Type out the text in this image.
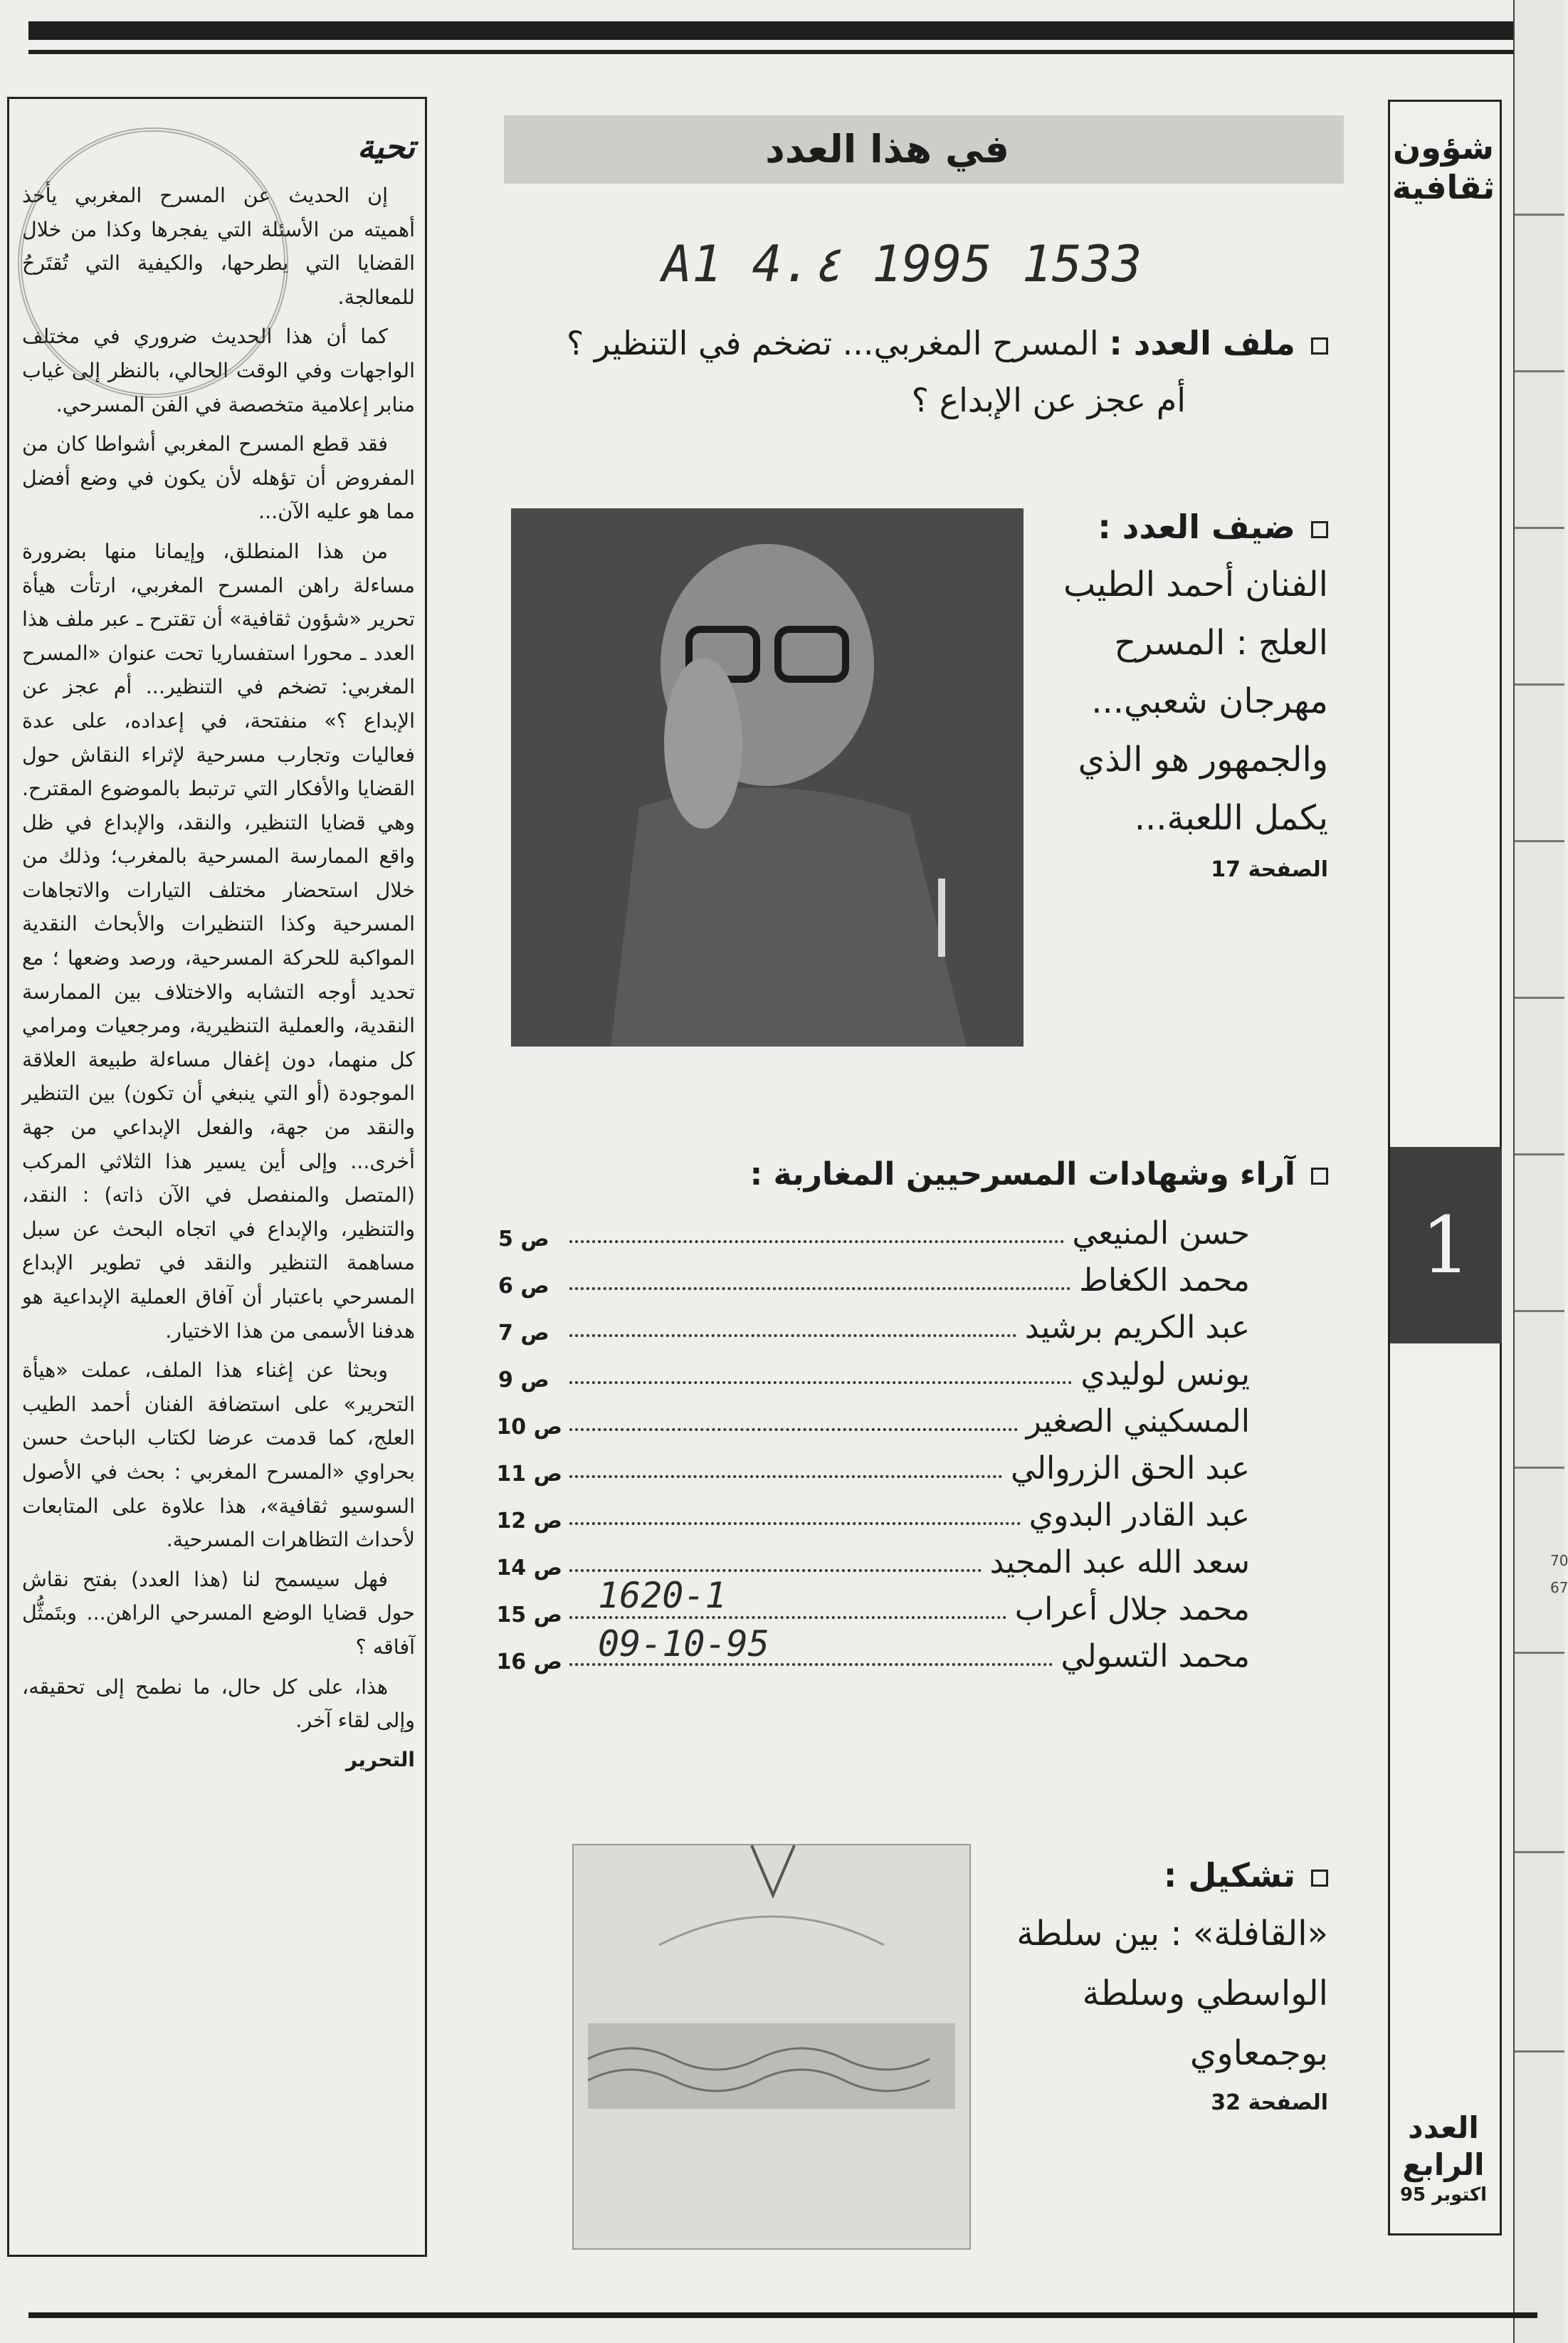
تحية

إن الحديث عن المسرح المغربي يأخذ أهميته من الأسئلة التي يفجرها وكذا من خلال القضايا التي يطرحها، والكيفية التي تُقتَرحُ للمعالجة.

كما أن هذا الحديث ضروري في مختلف الواجهات وفي الوقت الحالي، بالنظر إلى غياب منابر إعلامية متخصصة في الفن المسرحي.

فقد قطع المسرح المغربي أشواطا كان من المفروض أن تؤهله لأن يكون في وضع أفضل مما هو عليه الآن...

من هذا المنطلق، وإيمانا منها بضرورة مساءلة راهن المسرح المغربي، ارتأت هيأة تحرير «شؤون ثقافية» أن تقترح ـ عبر ملف هذا العدد ـ محورا استفساريا تحت عنوان «المسرح المغربي: تضخم في التنظير... أم عجز عن الإبداع ؟» منفتحة، في إعداده، على عدة فعاليات وتجارب مسرحية لإثراء النقاش حول القضايا والأفكار التي ترتبط بالموضوع المقترح. وهي قضايا التنظير، والنقد، والإبداع في ظل واقع الممارسة المسرحية بالمغرب؛ وذلك من خلال استحضار مختلف التيارات والاتجاهات المسرحية وكذا التنظيرات والأبحاث النقدية المواكبة للحركة المسرحية، ورصد وضعها ؛ مع تحديد أوجه التشابه والاختلاف بين الممارسة النقدية، والعملية التنظيرية، ومرجعيات ومرامي كل منهما، دون إغفال مساءلة طبيعة العلاقة الموجودة (أو التي ينبغي أن تكون) بين التنظير والنقد من جهة، والفعل الإبداعي من جهة أخرى... وإلى أين يسير هذا الثلاثي المركب (المتصل والمنفصل في الآن ذاته) : النقد، والتنظير، والإبداع في اتجاه البحث عن سبل مساهمة التنظير والنقد في تطوير الإبداع المسرحي باعتبار أن آفاق العملية الإبداعية هو هدفنا الأسمى من هذا الاختيار.

وبحثا عن إغناء هذا الملف، عملت «هيأة التحرير» على استضافة الفنان أحمد الطيب العلج، كما قدمت عرضا لكتاب الباحث حسن بحراوي «المسرح المغربي : بحث في الأصول السوسيو ثقافية»، هذا علاوة على المتابعات لأحداث التظاهرات المسرحية.

فهل سيسمح لنا (هذا العدد) بفتح نقاش حول قضايا الوضع المسرحي الراهن... وبتَمثُّل آفاقه ؟

هذا، على كل حال، ما نطمح إلى تحقيقه، وإلى لقاء آخر.

التحرير
في هذا العدد
A1 4.٤ 1995 1533
ملف العدد : المسرح المغربي... تضخم في التنظير ؟
أم عجز عن الإبداع ؟
ضيف العدد :
الفنان أحمد الطيب
العلج : المسرح
مهرجان شعبي...
والجمهور هو الذي
يكمل اللعبة...
الصفحة 17
آراء وشهادات المسرحيين المغاربة :
حسن المنيعي
ص 5
محمد الكغاط
ص 6
عبد الكريم برشيد
ص 7
يونس لوليدي
ص 9
المسكيني الصغير
ص 10
عبد الحق الزروالي
ص 11
عبد القادر البدوي
ص 12
سعد الله عبد المجيد
ص 14
محمد جلال أعراب
ص 15
محمد التسولي
ص 16
1620-1
09-10-95
تشكيل :
«القافلة» : بين سلطة
الواسطي وسلطة
بوجمعاوي
الصفحة 32
شؤون
ثقافية
1
العدد
الرابع
اكتوبر 95
70
67
